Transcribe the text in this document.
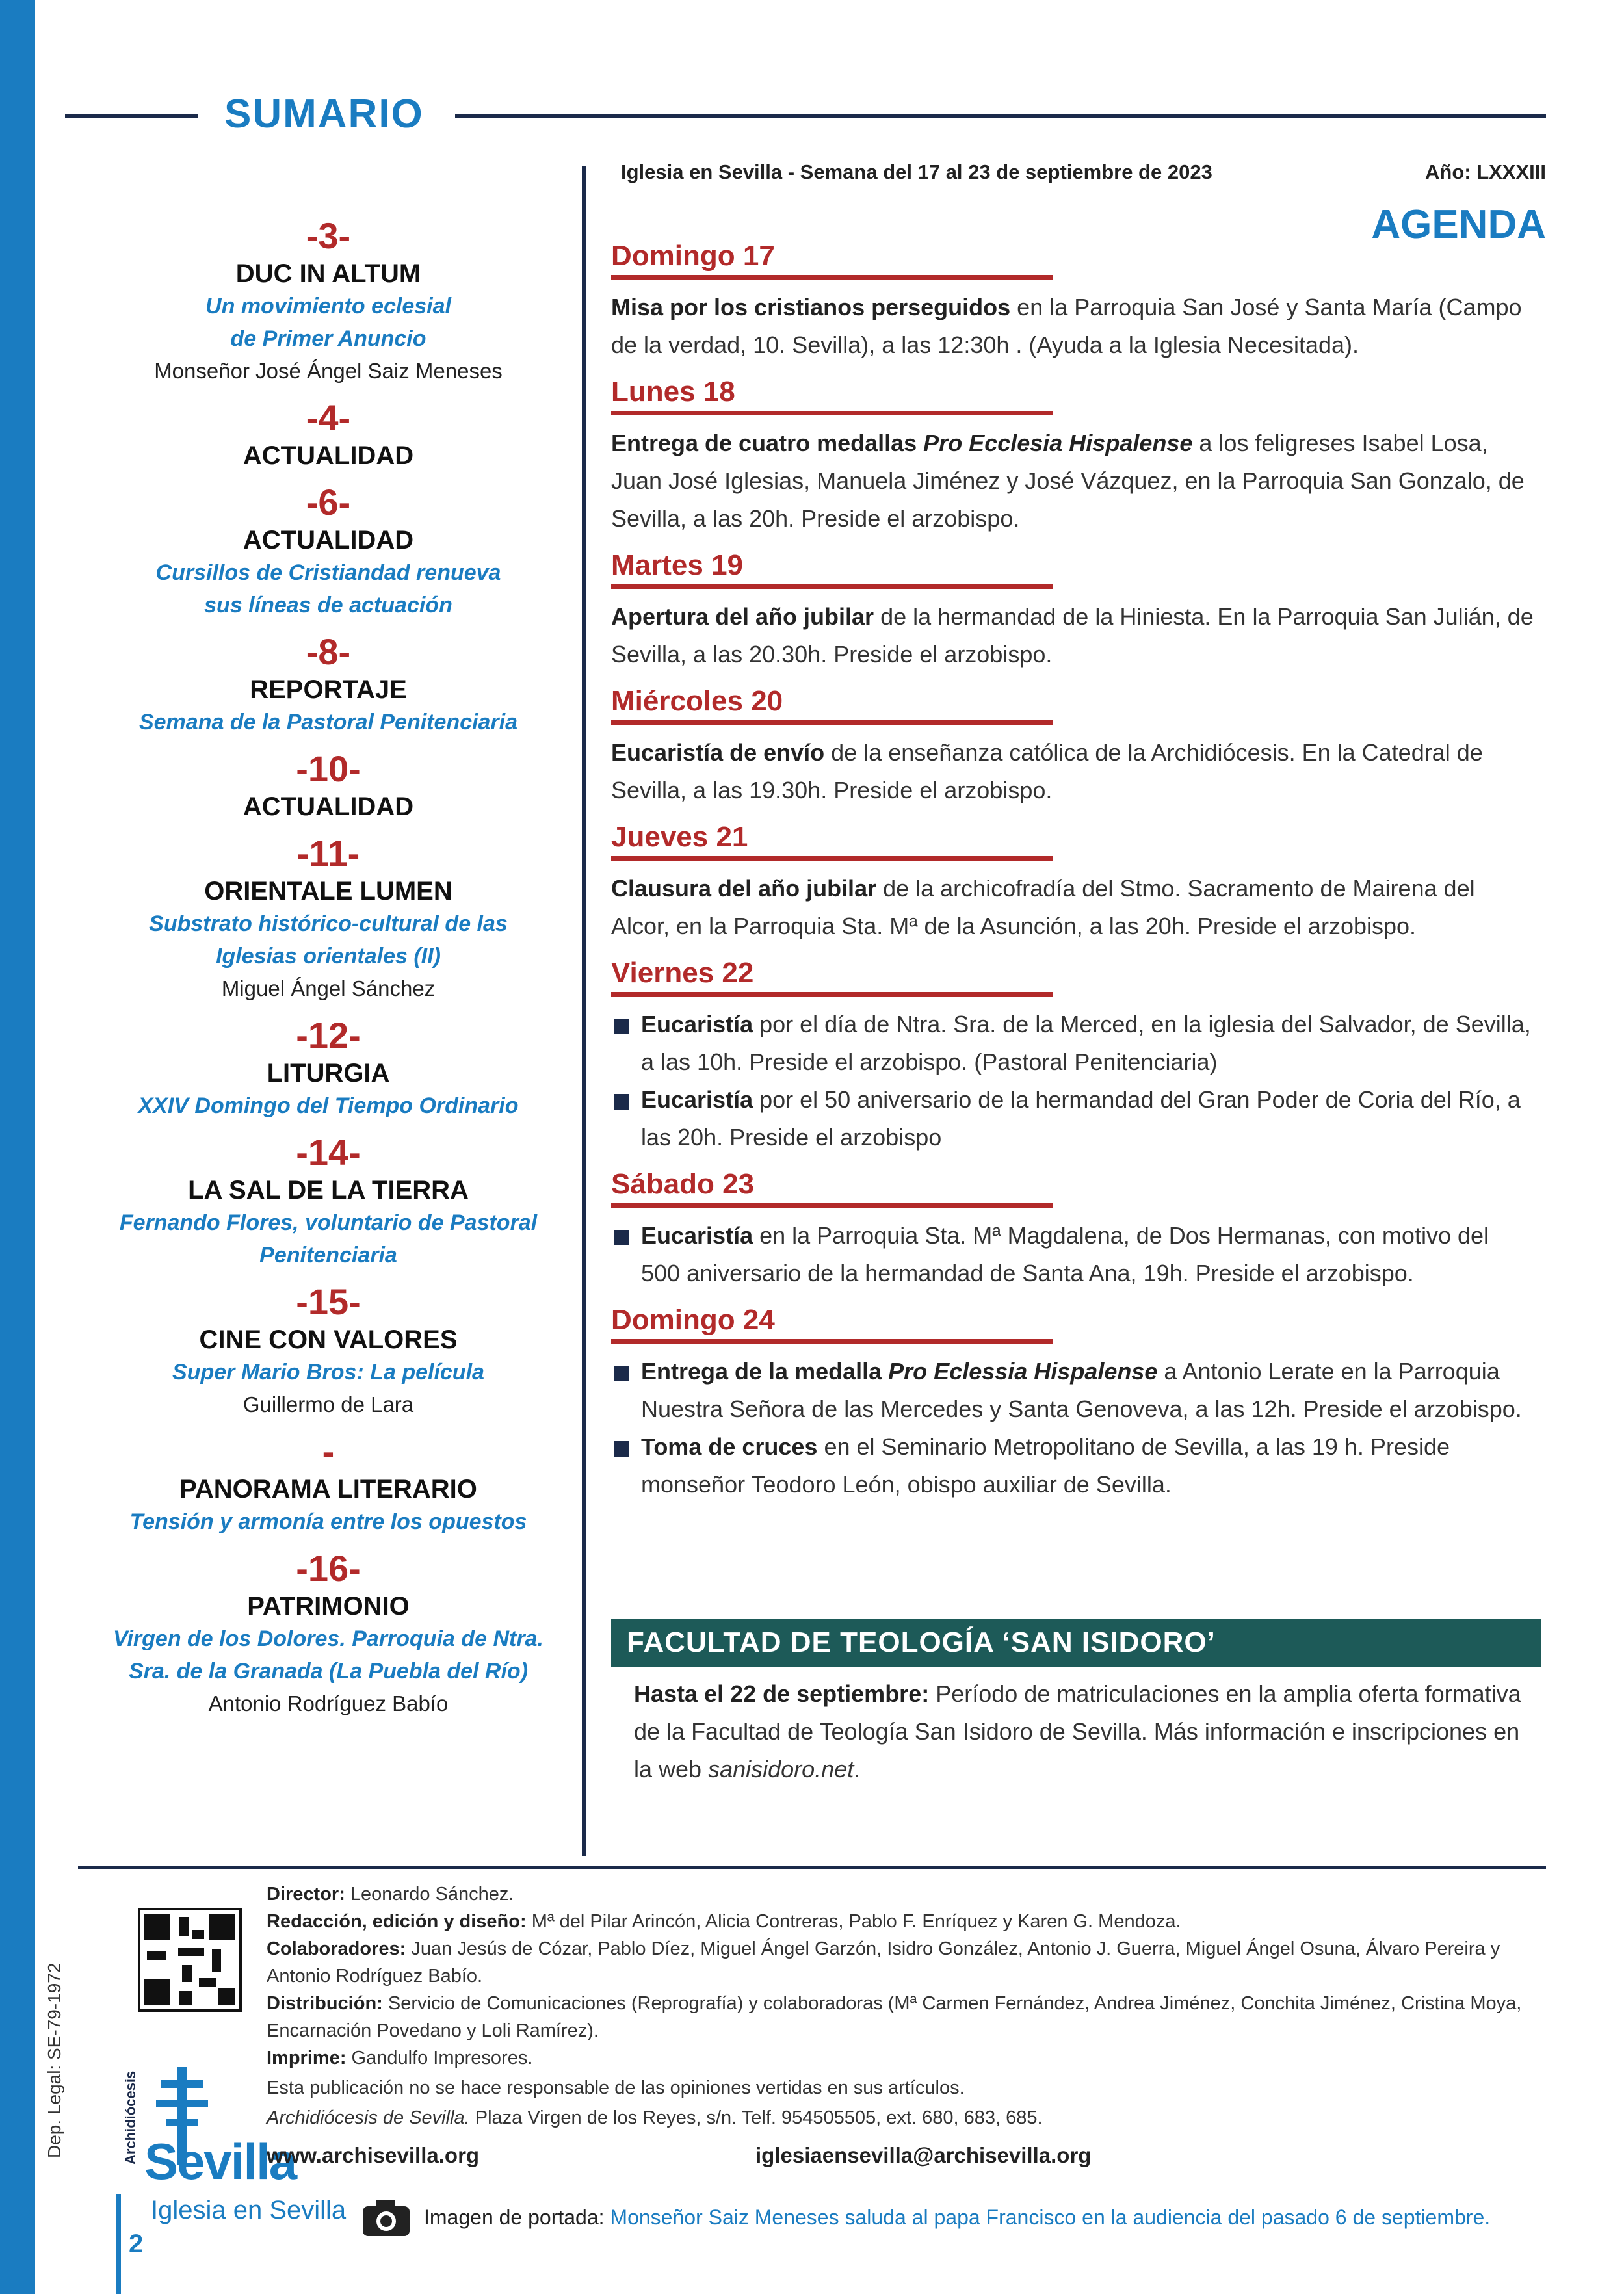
SUMARIO
-3-
DUC IN ALTUM
Un movimiento eclesial
de Primer Anuncio
Monseñor José Ángel Saiz Meneses
-4-
ACTUALIDAD
-6-
ACTUALIDAD
Cursillos de Cristiandad renueva
sus líneas de actuación
-8-
REPORTAJE
Semana de la Pastoral Penitenciaria
-10-
ACTUALIDAD
-11-
ORIENTALE LUMEN
Substrato histórico-cultural de las
Iglesias orientales (II)
Miguel Ángel Sánchez
-12-
LITURGIA
XXIV Domingo del Tiempo Ordinario
-14-
LA SAL DE LA TIERRA
Fernando Flores, voluntario de Pastoral
Penitenciaria
-15-
CINE CON VALORES
Super Mario Bros: La película
Guillermo de Lara
-
PANORAMA LITERARIO
Tensión y armonía entre los opuestos
-16-
PATRIMONIO
Virgen de los Dolores. Parroquia de Ntra.
Sra. de la Granada (La Puebla del Río)
Antonio Rodríguez Babío
Iglesia en Sevilla - Semana del 17 al 23 de septiembre de 2023	Año: LXXXIII
AGENDA
Domingo 17
Misa por los cristianos perseguidos en la Parroquia San José y Santa María (Campo de la verdad, 10. Sevilla), a las 12:30h . (Ayuda a la Iglesia Necesitada).
Lunes 18
Entrega de cuatro medallas Pro Ecclesia Hispalense a los feligreses Isabel Losa, Juan José Iglesias, Manuela Jiménez y José Vázquez, en la Parroquia San Gonzalo, de Sevilla, a las 20h. Preside el arzobispo.
Martes 19
Apertura del año jubilar de la hermandad de la Hiniesta. En la Parroquia San Julián, de Sevilla, a las 20.30h. Preside el arzobispo.
Miércoles 20
Eucaristía de envío de la enseñanza católica de la Archidiócesis. En la Catedral de Sevilla, a las 19.30h. Preside el arzobispo.
Jueves 21
Clausura del año jubilar de la archicofradía del Stmo. Sacramento de Mairena del Alcor, en la Parroquia Sta. Mª de la Asunción, a las 20h. Preside el arzobispo.
Viernes 22
Eucaristía por el día de Ntra. Sra. de la Merced, en la iglesia del Salvador, de Sevilla, a las 10h. Preside el arzobispo. (Pastoral Penitenciaria)
Eucaristía por el 50 aniversario de la hermandad del Gran Poder de Coria del Río, a las 20h. Preside el arzobispo
Sábado 23
Eucaristía en la Parroquia Sta. Mª Magdalena, de Dos Hermanas, con motivo del 500 aniversario de la hermandad de Santa Ana, 19h. Preside el arzobispo.
Domingo 24
Entrega de la medalla Pro Eclessia Hispalense a Antonio Lerate en la Parroquia Nuestra Señora de las Mercedes y Santa Genoveva, a las 12h. Preside el arzobispo.
Toma de cruces en el Seminario Metropolitano de Sevilla, a las 19 h. Preside monseñor Teodoro León, obispo auxiliar de Sevilla.
FACULTAD DE TEOLOGÍA ‘SAN ISIDORO’
Hasta el 22 de septiembre: Período de matriculaciones en la amplia oferta formativa de la Facultad de Teología San Isidoro de Sevilla. Más información e inscripciones en la web sanisidoro.net.
Dep. Legal: SE-79-1972	Archidiócesis Sevilla

Director: Leonardo Sánchez.

Redacción, edición y diseño: Mª del Pilar Arincón, Alicia Contreras, Pablo F. Enríquez y Karen G. Mendoza.

Colaboradores: Juan Jesús de Cózar, Pablo Díez, Miguel Ángel Garzón, Isidro González, Antonio J. Guerra, Miguel Ángel Osuna, Álvaro Pereira y Antonio Rodríguez Babío.

Distribución: Servicio de Comunicaciones (Reprografía) y colaboradoras (Mª Carmen Fernández, Andrea Jiménez, Conchita Jiménez, Cristina Moya, Encarnación Povedano y Loli Ramírez).

Imprime: Gandulfo Impresores.

Esta publicación no se hace responsable de las opiniones vertidas en sus artículos.

Archidiócesis de Sevilla. Plaza Virgen de los Reyes, s/n. Telf. 954505505, ext. 680, 683, 685.

www.archisevilla.org	iglesiaensevilla@archisevilla.org
2
Iglesia en Sevilla	Imagen de portada: Monseñor Saiz Meneses saluda al papa Francisco en la audiencia del pasado 6 de septiembre.
